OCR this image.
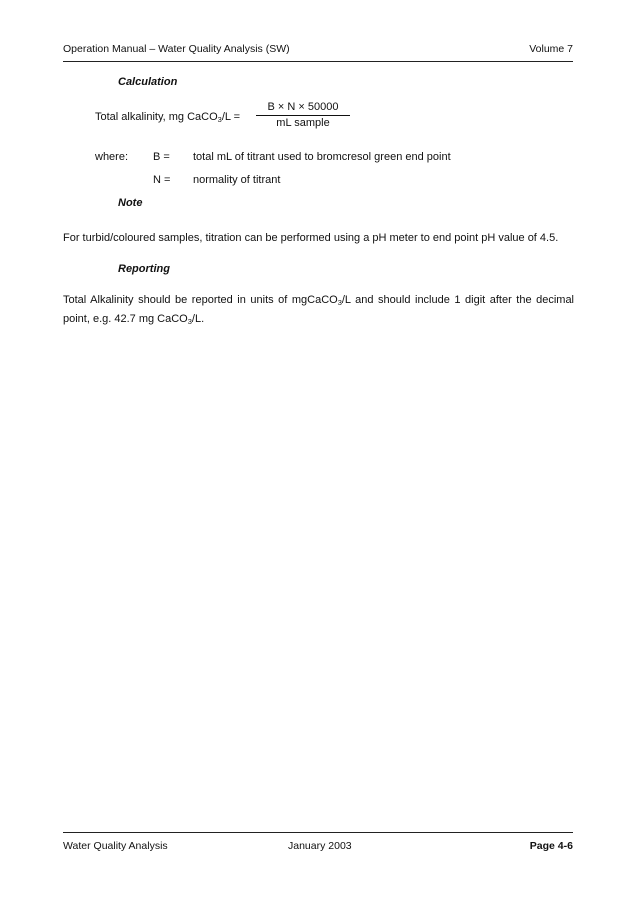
Operation Manual – Water Quality Analysis (SW)	Volume 7
Calculation
Total alkalinity, mg CaCO$_3$/L =
B × N × 50000
mL sample
where: B = total mL of titrant used to bromcresol green end point
N = normality of titrant
Note
For turbid/coloured samples, titration can be performed using a pH meter to end point pH value of 4.5.
Reporting
Total Alkalinity should be reported in units of mgCaCO$_3$/L and should include 1 digit after the decimal point, e.g. 42.7 mg CaCO$_3$/L.
Water Quality Analysis	January 2003	Page 4-6
